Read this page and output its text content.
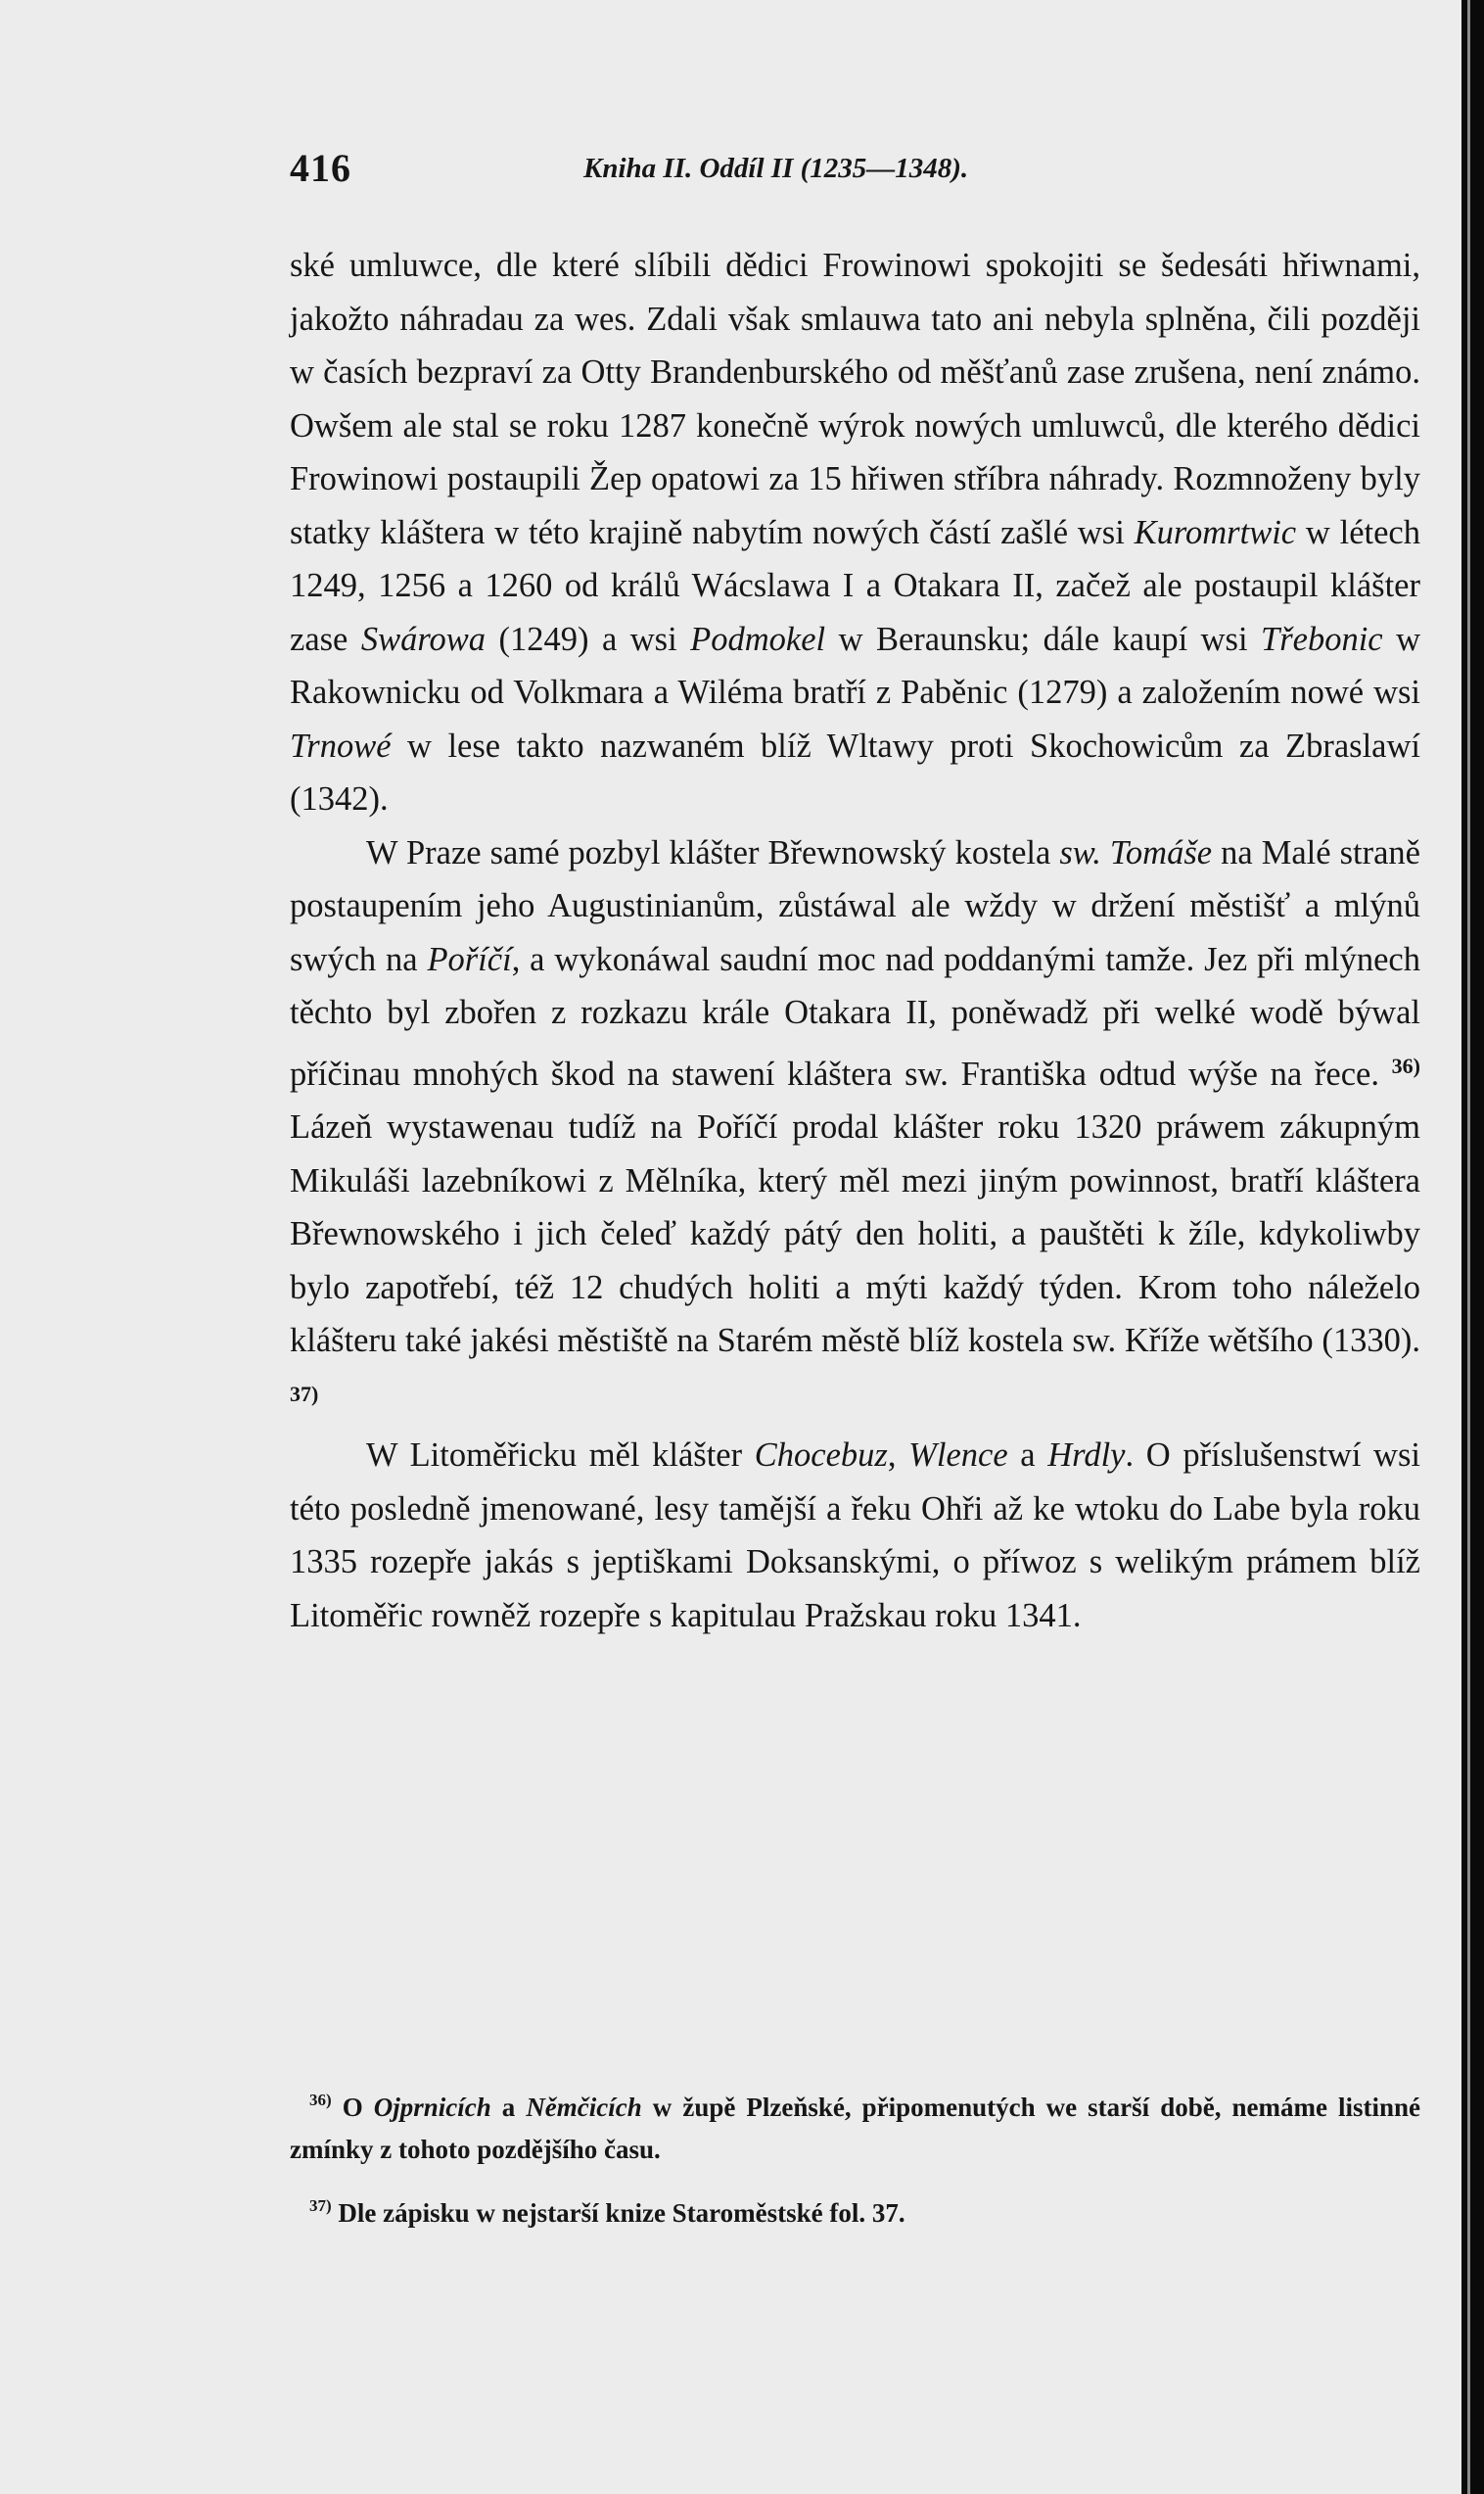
416	Kniha II. Oddíl II (1235—1348).

ské umluwce, dle které slíbili dědici Frowinowi spokojiti se šedesáti hřiwnami, jakožto náhradau za wes. Zdali však smlauwa tato ani nebyla splněna, čili později w časích bezpraví za Otty Brandenburského od měšťanů zase zrušena, není známo. Owšem ale stal se roku 1287 konečně wýrok nowých umluwců, dle kterého dědici Frowinowi postaupili Žep opatowi za 15 hřiwen stříbra náhrady. Rozmnoženy byly statky kláštera w této krajině nabytím nowých částí zašlé wsi Kuromrtwic w létech 1249, 1256 a 1260 od králů Wácslawa I a Otakara II, začež ale postaupil klášter zase Swárowa (1249) a wsi Podmokel w Beraunsku; dále kaupí wsi Třebonic w Rakownicku od Volkmara a Wiléma bratří z Paběnic (1279) a založením nowé wsi Trnowé w lese takto nazwaném blíž Wltawy proti Skochowicům za Zbraslawí (1342).

W Praze samé pozbyl klášter Břewnowský kostela sw. Tomáše na Malé straně postaupením jeho Augustinianům, zůstáwal ale wždy w držení městišť a mlýnů swých na Poříčí, a wykonáwal saudní moc nad poddanými tamže. Jez při mlýnech těchto byl zbořen z rozkazu krále Otakara II, poněwadž při welké wodě býwal příčinau mnohých škod na stawení kláštera sw. Františka odtud wýše na řece. $^{36)}$ Lázeň wystawenau tudíž na Poříčí prodal klášter roku 1320 práwem zákupným Mikuláši lazebníkowi z Mělníka, který měl mezi jiným powinnost, bratří kláštera Břewnowského i jich čeleď každý pátý den holiti, a pauštěti k žíle, kdykoliwby bylo zapotřebí, též 12 chudých holiti a mýti každý týden. Krom toho náleželo klášteru také jakési městiště na Starém městě blíž kostela sw. Kříže wětšího (1330). $^{37)}$

W Litoměřicku měl klášter Chocebuz, Wlence a Hrdly. O příslušenstwí wsi této posledně jmenowané, lesy tamější a řeku Ohři až ke wtoku do Labe byla roku 1335 rozepře jakás s jeptiškami Doksanskými, o příwoz s welikým prámem blíž Litoměřic rowněž rozepře s kapitulau Pražskau roku 1341.

$^{36)}$ O Ojprnicích a Němčicích w župě Plzeňské, připomenutých we starší době, nemáme listinné zmínky z tohoto pozdějšího času.

$^{37)}$ Dle zápisku w nejstarší knize Staroměstské fol. 37.
